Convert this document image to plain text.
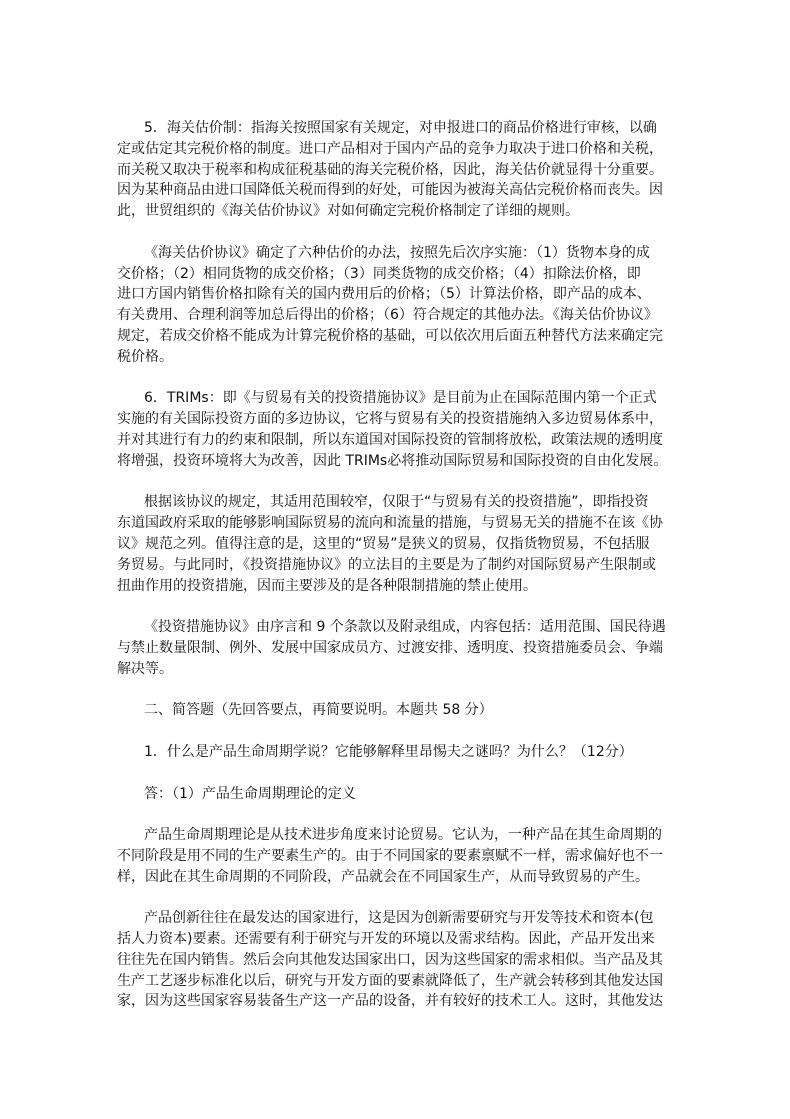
5．海关估价制：指海关按照国家有关规定，对申报进口的商品价格进行审核，以确
定或估定其完税价格的制度。进口产品相对于国内产品的竞争力取决于进口价格和关税，
而关税又取决于税率和构成征税基础的海关完税价格，因此，海关估价就显得十分重要。
因为某种商品由进口国降低关税而得到的好处，可能因为被海关高估完税价格而丧失。因
此，世贸组织的《海关估价协议》对如何确定完税价格制定了详细的规则。
《海关估价协议》确定了六种估价的办法，按照先后次序实施：（1）货物本身的成
交价格；（2）相同货物的成交价格；（3）同类货物的成交价格；（4）扣除法价格，即
进口方国内销售价格扣除有关的国内费用后的价格；（5）计算法价格，即产品的成本、
有关费用、合理利润等加总后得出的价格；（6）符合规定的其他办法。《海关估价协议》
规定，若成交价格不能成为计算完税价格的基础，可以依次用后面五种替代方法来确定完
税价格。
6．TRIMs：即《与贸易有关的投资措施协议》是目前为止在国际范围内第一个正式
实施的有关国际投资方面的多边协议，它将与贸易有关的投资措施纳入多边贸易体系中，
并对其进行有力的约束和限制，所以东道国对国际投资的管制将放松，政策法规的透明度
将增强，投资环境将大为改善，因此 TRIMs必将推动国际贸易和国际投资的自由化发展。
根据该协议的规定，其适用范围较窄，仅限于“与贸易有关的投资措施”，即指投资
东道国政府采取的能够影响国际贸易的流向和流量的措施，与贸易无关的措施不在该《协
议》规范之列。值得注意的是，这里的“贸易”是狭义的贸易，仅指货物贸易，不包括服
务贸易。与此同时，《投资措施协议》的立法目的主要是为了制约对国际贸易产生限制或
扭曲作用的投资措施，因而主要涉及的是各种限制措施的禁止使用。
《投资措施协议》由序言和 9 个条款以及附录组成，内容包括：适用范围、国民待遇
与禁止数量限制、例外、发展中国家成员方、过渡安排、透明度、投资措施委员会、争端
解决等。
二、简答题（先回答要点，再简要说明。本题共 58 分）
1．什么是产品生命周期学说？它能够解释里昂惕夫之谜吗？为什么？（12分）
答：（1）产品生命周期理论的定义
产品生命周期理论是从技术进步角度来讨论贸易。它认为，一种产品在其生命周期的
不同阶段是用不同的生产要素生产的。由于不同国家的要素禀赋不一样，需求偏好也不一
样，因此在其生命周期的不同阶段，产品就会在不同国家生产，从而导致贸易的产生。
产品创新往往在最发达的国家进行，这是因为创新需要研究与开发等技术和资本(包
括人力资本)要素。还需要有利于研究与开发的环境以及需求结构。因此，产品开发出来
往往先在国内销售。然后会向其他发达国家出口，因为这些国家的需求相似。当产品及其
生产工艺逐步标准化以后，研究与开发方面的要素就降低了，生产就会转移到其他发达国
家，因为这些国家容易装备生产这一产品的设备，并有较好的技术工人。这时，其他发达
